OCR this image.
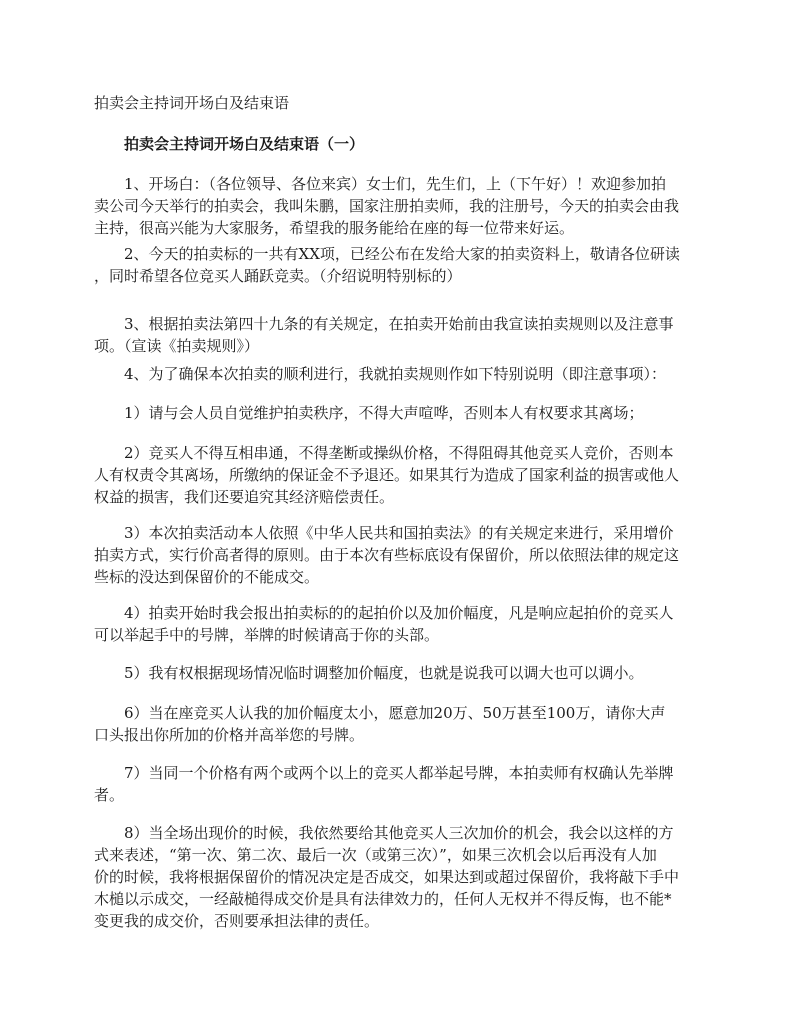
拍卖会主持词开场白及结束语
拍卖会主持词开场白及结束语（一）
1、开场白：（各位领导、各位来宾）女士们，先生们，上（下午好）！欢迎参加拍
卖公司今天举行的拍卖会，我叫朱鹏，国家注册拍卖师，我的注册号，今天的拍卖会由我
主持，很高兴能为大家服务，希望我的服务能给在座的每一位带来好运。
2、今天的拍卖标的一共有XX项，已经公布在发给大家的拍卖资料上，敬请各位研读
，同时希望各位竞买人踊跃竞卖。（介绍说明特别标的）
3、根据拍卖法第四十九条的有关规定，在拍卖开始前由我宣读拍卖规则以及注意事
项。（宣读《拍卖规则》）
4、为了确保本次拍卖的顺利进行，我就拍卖规则作如下特别说明（即注意事项）：
1）请与会人员自觉维护拍卖秩序，不得大声喧哗，否则本人有权要求其离场；
2）竞买人不得互相串通，不得垄断或操纵价格，不得阻碍其他竞买人竞价，否则本
人有权责令其离场，所缴纳的保证金不予退还。如果其行为造成了国家利益的损害或他人
权益的损害，我们还要追究其经济赔偿责任。
3）本次拍卖活动本人依照《中华人民共和国拍卖法》的有关规定来进行，采用增价
拍卖方式，实行价高者得的原则。由于本次有些标底设有保留价，所以依照法律的规定这
些标的没达到保留价的不能成交。
4）拍卖开始时我会报出拍卖标的的起拍价以及加价幅度，凡是响应起拍价的竞买人
可以举起手中的号牌，举牌的时候请高于你的头部。
5）我有权根据现场情况临时调整加价幅度，也就是说我可以调大也可以调小。
6）当在座竞买人认我的加价幅度太小，愿意加20万、50万甚至100万，请你大声
口头报出你所加的价格并高举您的号牌。
7）当同一个价格有两个或两个以上的竞买人都举起号牌，本拍卖师有权确认先举牌
者。
8）当全场出现价的时候，我依然要给其他竞买人三次加价的机会，我会以这样的方
式来表述，“第一次、第二次、最后一次（或第三次）”，如果三次机会以后再没有人加
价的时候，我将根据保留价的情况决定是否成交，如果达到或超过保留价，我将敲下手中
木槌以示成交，一经敲槌得成交价是具有法律效力的，任何人无权并不得反悔，也不能*
变更我的成交价，否则要承担法律的责任。
